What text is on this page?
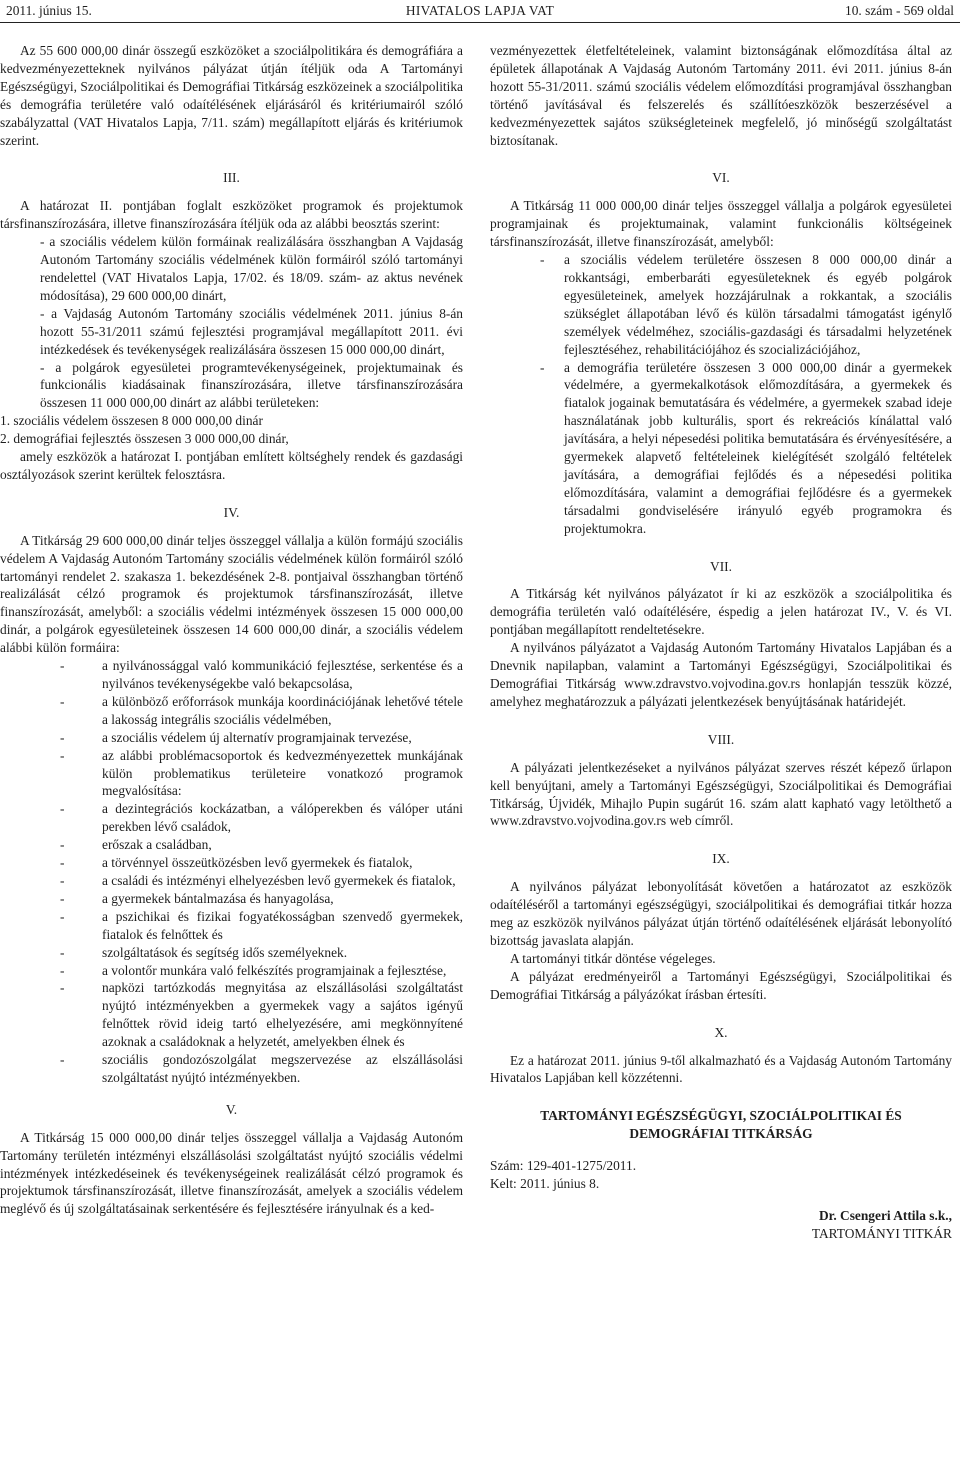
2011. június 15.	HIVATALOS LAPJA VAT	10. szám - 569 oldal

Az 55 600 000,00 dinár összegű eszközöket a szociálpolitikára és demográfiára a kedvezményezetteknek nyilvános pályázat útján ítéljük oda A Tartományi Egészségügyi, Szociálpolitikai és Demográfiai Titkárság eszközeinek a szociálpolitika és demográfia területére való odaítélésének eljárásáról és kritériumairól szóló szabályzattal (VAT Hivatalos Lapja, 7/11. szám) megállapított eljárás és kritériumok szerint.

III.

A határozat II. pontjában foglalt eszközöket programok és projektumok társfinanszírozására, illetve finanszírozására ítéljük oda az alábbi beosztás szerint:

- a szociális védelem külön formáinak realizálására összhangban A Vajdaság Autonóm Tartomány szociális védelmének külön formáiról szóló tartományi rendelettel (VAT Hivatalos Lapja, 17/02. és 18/09. szám- az aktus nevének módosítása), 29 600 000,00 dinárt,

- a Vajdaság Autonóm Tartomány szociális védelmének 2011. június 8-án hozott 55-31/2011 számú fejlesztési programjával megállapított 2011. évi intézkedések és tevékenységek realizálására összesen 15 000 000,00 dinárt,

- a polgárok egyesületei programtevékenységeinek, projektumainak és funkcionális kiadásainak finanszírozására, illetve társfinanszírozására összesen 11 000 000,00 dinárt az alábbi területeken:

1. szociális védelem összesen 8 000 000,00 dinár

2. demográfiai fejlesztés összesen 3 000 000,00 dinár,

amely eszközök a határozat I. pontjában említett költséghely rendek és gazdasági osztályozások szerint kerültek felosztásra.

IV.

A Titkárság 29 600 000,00 dinár teljes összeggel vállalja a külön formájú szociális védelem A Vajdaság Autonóm Tartomány szociális védelmének külön formáiról szóló tartományi rendelet 2. szakasza 1. bekezdésének 2-8. pontjaival összhangban történő realizálását célzó programok és projektumok társfinanszírozását, illetve finanszírozását, amelyből: a szociális védelmi intézmények összesen 15 000 000,00 dinár, a polgárok egyesületeinek összesen 14 600 000,00 dinár, a szociális védelem alábbi külön formáira:

-	a nyilvánossággal való kommunikáció fejlesztése, serkentése és a nyilvános tevékenységekbe való bekapcsolása,
-	a különböző erőforrások munkája koordinációjának lehetővé tétele a lakosság integrális szociális védelmében,
-	a szociális védelem új alternatív programjainak tervezése,
-	az alábbi problémacsoportok és kedvezményezettek munkájának külön problematikus területeire vonatkozó programok megvalósítása:
-	a dezintegrációs kockázatban, a válóperekben és válóper utáni perekben lévő családok,
-	erőszak a családban,
-	a törvénnyel összeütközésben levő gyermekek és fiatalok,
-	a családi és intézményi elhelyezésben levő gyermekek és fiatalok,
-	a gyermekek bántalmazása és hanyagolása,
-	a pszichikai és fizikai fogyatékosságban szenvedő gyermekek, fiatalok és felnőttek és
-	szolgáltatások és segítség idős személyeknek.
-	a volontőr munkára való felkészítés programjainak a fejlesztése,
-	napközi tartózkodás megnyitása az elszállásolási szolgáltatást nyújtó intézményekben a gyermekek vagy a sajátos igényű felnőttek rövid ideig tartó elhelyezésére, ami megkönnyítené azoknak a családoknak a helyzetét, amelyekben élnek és
-	szociális gondozószolgálat megszervezése az elszállásolási szolgáltatást nyújtó intézményekben.
V.

A Titkárság 15 000 000,00 dinár teljes összeggel vállalja a Vajdaság Autonóm Tartomány területén intézményi elszállásolási szolgáltatást nyújtó szociális védelmi intézmények intézkedéseinek és tevékenységeinek realizálását célzó programok és projektumok társfinanszírozását, illetve finanszírozását, amelyek a szociális védelem meglévő és új szolgáltatásainak serkentésére és fejlesztésére irányulnak és a ked-

vezményezettek életfeltételeinek, valamint biztonságának előmozdítása által az épületek állapotának A Vajdaság Autonóm Tartomány 2011. évi 2011. június 8-án hozott 55-31/2011. számú szociális védelem előmozdítási programjával összhangban történő javításával és felszerelés és szállítóeszközök beszerzésével a kedvezményezettek sajátos szükségleteinek megfelelő, jó minőségű szolgáltatást biztosítanak.

VI.

A Titkárság 11 000 000,00 dinár teljes összeggel vállalja a polgárok egyesületei programjainak és projektumainak, valamint funkcionális költségeinek társfinanszírozását, illetve finanszírozását, amelyből:

-	a szociális védelem területére összesen 8 000 000,00 dinár a rokkantsági, emberbaráti egyesületeknek és egyéb polgárok egyesületeinek, amelyek hozzájárulnak a rokkantak, a szociális szükséglet állapotában lévő és külön társadalmi támogatást igénylő személyek védelméhez, szociális-gazdasági és társadalmi helyzetének fejlesztéséhez, rehabilitációjához és szocializációjához,
-	a demográfia területére összesen 3 000 000,00 dinár a gyermekek védelmére, a gyermekalkotások előmozdítására, a gyermekek és fiatalok jogainak bemutatására és védelmére, a gyermekek szabad ideje használatának jobb kulturális, sport és rekreációs kínálattal való javítására, a helyi népesedési politika bemutatására és érvényesítésére, a gyermekek alapvető feltételeinek kielégítését szolgáló feltételek javítására, a demográfiai fejlődés és a népesedési politika előmozdítására, valamint a demográfiai fejlődésre és a gyermekek társadalmi gondviselésére irányuló egyéb programokra és projektumokra.
VII.

A Titkárság két nyilvános pályázatot ír ki az eszközök a szociálpolitika és demográfia területén való odaítélésére, éspedig a jelen határozat IV., V. és VI. pontjában megállapított rendeltetésekre.

A nyilvános pályázatot a Vajdaság Autonóm Tartomány Hivatalos Lapjában és a Dnevnik napilapban, valamint a Tartományi Egészségügyi, Szociálpolitikai és Demográfiai Titkárság www.zdravstvo.vojvodina.gov.rs honlapján tesszük közzé, amelyhez meghatározzuk a pályázati jelentkezések benyújtásának határidejét.

VIII.

A pályázati jelentkezéseket a nyilvános pályázat szerves részét képező űrlapon kell benyújtani, amely a Tartományi Egészségügyi, Szociálpolitikai és Demográfiai Titkárság, Újvidék, Mihajlo Pupin sugárút 16. szám alatt kapható vagy letölthető a www.zdravstvo.vojvodina.gov.rs web címről.

IX.

A nyilvános pályázat lebonyolítását követően a határozatot az eszközök odaítéléséről a tartományi egészségügyi, szociálpolitikai és demográfiai titkár hozza meg az eszközök nyilvános pályázat útján történő odaítélésének eljárását lebonyolító bizottság javaslata alapján.

A tartományi titkár döntése végeleges.

A pályázat eredményeiről a Tartományi Egészségügyi, Szociálpolitikai és Demográfiai Titkárság a pályázókat írásban értesíti.

X.

Ez a határozat 2011. június 9-től alkalmazható és a Vajdaság Autonóm Tartomány Hivatalos Lapjában kell közzétenni.

TARTOMÁNYI EGÉSZSÉGÜGYI, SZOCIÁLPOLITIKAI ÉS DEMOGRÁFIAI TITKÁRSÁG

Szám: 129-401-1275/2011.

Kelt: 2011. június 8.

Dr. Csengeri Attila s.k.,

TARTOMÁNYI TITKÁR
